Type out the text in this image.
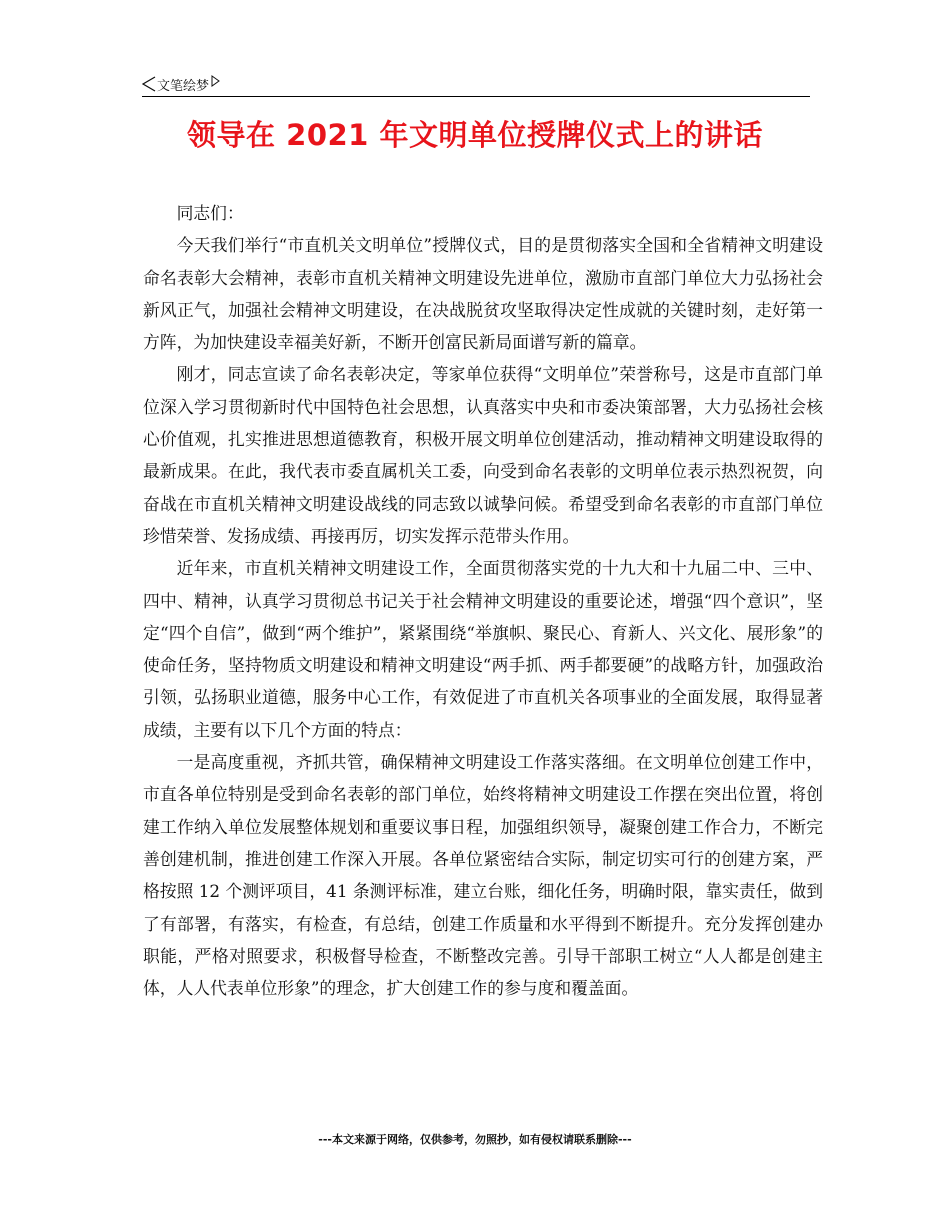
文笔绘梦
领导在 2021 年文明单位授牌仪式上的讲话

同志们：

今天我们举行“市直机关文明单位”授牌仪式，目的是贯彻落实全国和全省精神文明建设命名表彰大会精神，表彰市直机关精神文明建设先进单位，激励市直部门单位大力弘扬社会新风正气，加强社会精神文明建设，在决战脱贫攻坚取得决定性成就的关键时刻，走好第一方阵，为加快建设幸福美好新，不断开创富民新局面谱写新的篇章。

刚才，同志宣读了命名表彰决定，等家单位获得“文明单位”荣誉称号，这是市直部门单位深入学习贯彻新时代中国特色社会思想，认真落实中央和市委决策部署，大力弘扬社会核心价值观，扎实推进思想道德教育，积极开展文明单位创建活动，推动精神文明建设取得的最新成果。在此，我代表市委直属机关工委，向受到命名表彰的文明单位表示热烈祝贺，向奋战在市直机关精神文明建设战线的同志致以诚挚问候。希望受到命名表彰的市直部门单位珍惜荣誉、发扬成绩、再接再厉，切实发挥示范带头作用。

近年来，市直机关精神文明建设工作，全面贯彻落实党的十九大和十九届二中、三中、四中、精神，认真学习贯彻总书记关于社会精神文明建设的重要论述，增强“四个意识”，坚定“四个自信”，做到“两个维护”，紧紧围绕“举旗帜、聚民心、育新人、兴文化、展形象”的使命任务，坚持物质文明建设和精神文明建设“两手抓、两手都要硬”的战略方针，加强政治引领，弘扬职业道德，服务中心工作，有效促进了市直机关各项事业的全面发展，取得显著成绩，主要有以下几个方面的特点：

一是高度重视，齐抓共管，确保精神文明建设工作落实落细。在文明单位创建工作中，市直各单位特别是受到命名表彰的部门单位，始终将精神文明建设工作摆在突出位置，将创建工作纳入单位发展整体规划和重要议事日程，加强组织领导，凝聚创建工作合力，不断完善创建机制，推进创建工作深入开展。各单位紧密结合实际，制定切实可行的创建方案，严格按照 12 个测评项目，41 条测评标准，建立台账，细化任务，明确时限，靠实责任，做到了有部署，有落实，有检查，有总结，创建工作质量和水平得到不断提升。充分发挥创建办职能，严格对照要求，积极督导检查，不断整改完善。引导干部职工树立“人人都是创建主体，人人代表单位形象”的理念，扩大创建工作的参与度和覆盖面。

---本文来源于网络，仅供参考，勿照抄，如有侵权请联系删除---
